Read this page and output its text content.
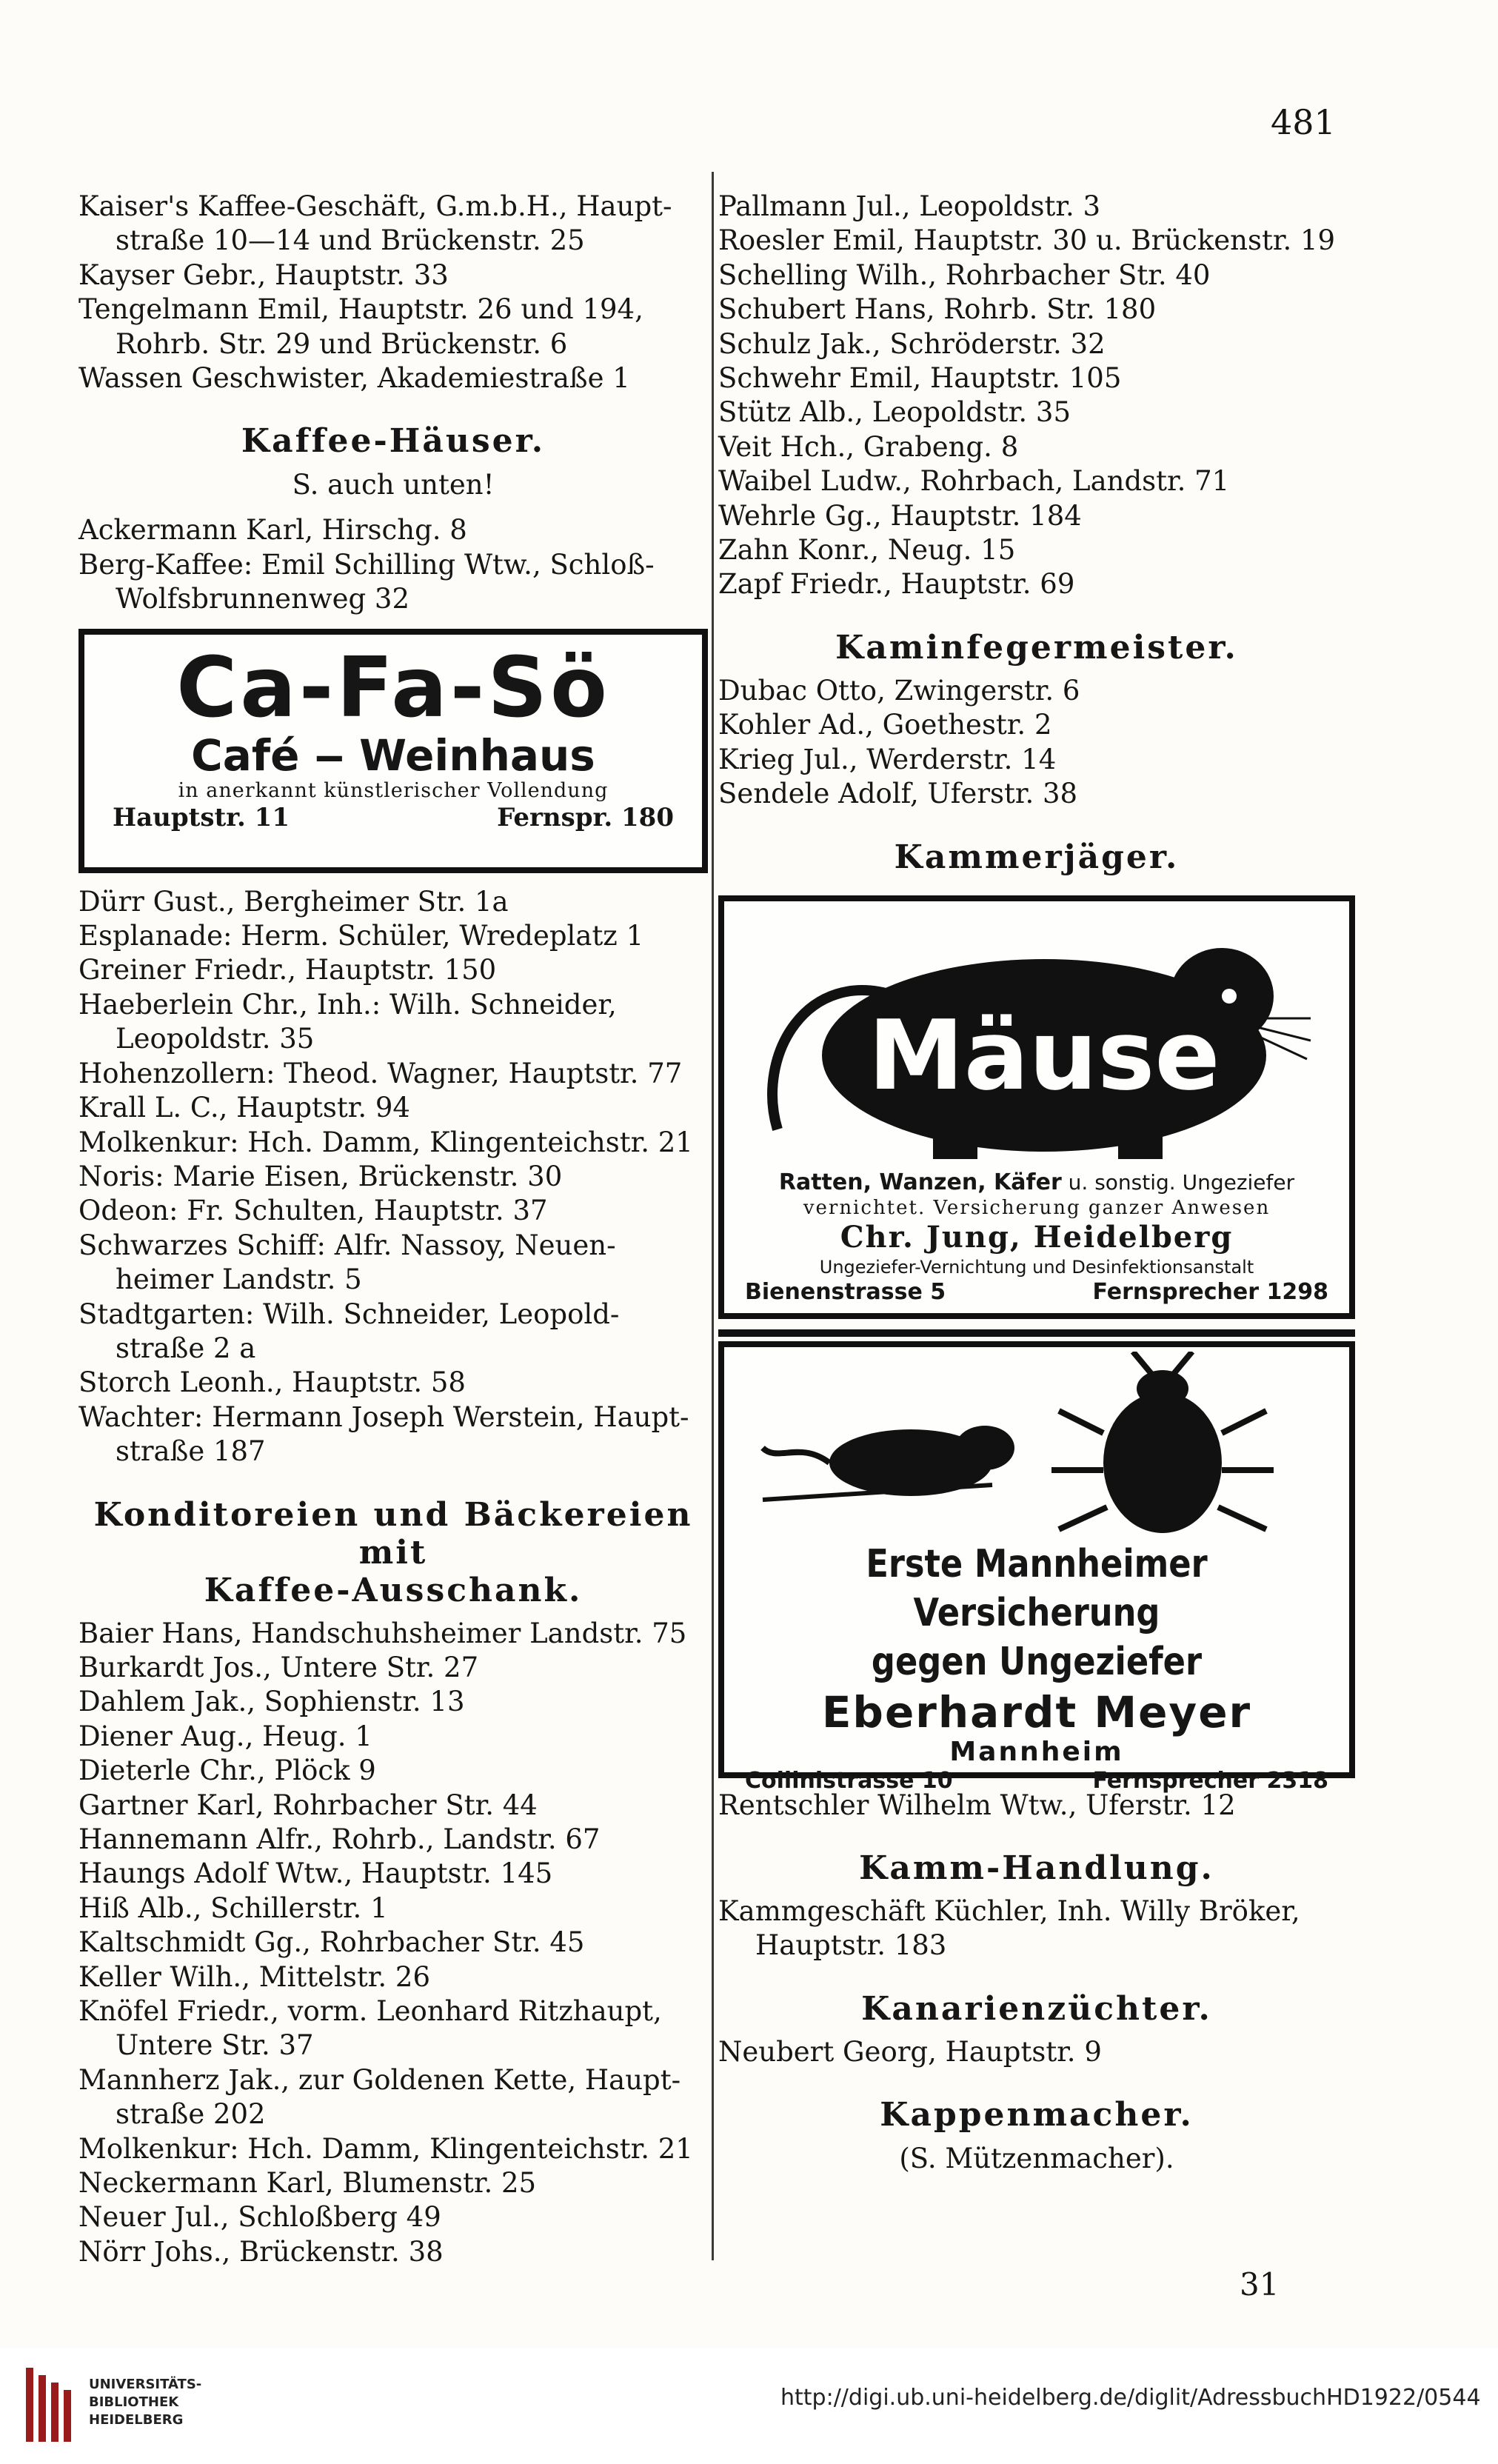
481
Kaiser's Kaffee-Geschäft, G.m.b.H., Haupt-
straße 10—14 und Brückenstr. 25
Kayser Gebr., Hauptstr. 33
Tengelmann Emil, Hauptstr. 26 und 194,
Rohrb. Str. 29 und Brückenstr. 6
Wassen Geschwister, Akademiestraße 1
Kaffee-Häuser.
S. auch unten!
Ackermann Karl, Hirschg. 8
Berg-Kaffee: Emil Schilling Wtw., Schloß-
Wolfsbrunnenweg 32
Ca-Fa-Sö
Café ‒ Weinhaus
in anerkannt künstlerischer Vollendung
Hauptstr. 11	Fernspr. 180
Dürr Gust., Bergheimer Str. 1a
Esplanade: Herm. Schüler, Wredeplatz 1
Greiner Friedr., Hauptstr. 150
Haeberlein Chr., Inh.: Wilh. Schneider,
Leopoldstr. 35
Hohenzollern: Theod. Wagner, Hauptstr. 77
Krall L. C., Hauptstr. 94
Molkenkur: Hch. Damm, Klingenteichstr. 21
Noris: Marie Eisen, Brückenstr. 30
Odeon: Fr. Schulten, Hauptstr. 37
Schwarzes Schiff: Alfr. Nassoy, Neuen-
heimer Landstr. 5
Stadtgarten: Wilh. Schneider, Leopold-
straße 2 a
Storch Leonh., Hauptstr. 58
Wachter: Hermann Joseph Werstein, Haupt-
straße 187
Konditoreien und Bäckereien mit
Kaffee-Ausschank.
Baier Hans, Handschuhsheimer Landstr. 75
Burkardt Jos., Untere Str. 27
Dahlem Jak., Sophienstr. 13
Diener Aug., Heug. 1
Dieterle Chr., Plöck 9
Gartner Karl, Rohrbacher Str. 44
Hannemann Alfr., Rohrb., Landstr. 67
Haungs Adolf Wtw., Hauptstr. 145
Hiß Alb., Schillerstr. 1
Kaltschmidt Gg., Rohrbacher Str. 45
Keller Wilh., Mittelstr. 26
Knöfel Friedr., vorm. Leonhard Ritzhaupt,
Untere Str. 37
Mannherz Jak., zur Goldenen Kette, Haupt-
straße 202
Molkenkur: Hch. Damm, Klingenteichstr. 21
Neckermann Karl, Blumenstr. 25
Neuer Jul., Schloßberg 49
Nörr Johs., Brückenstr. 38
Pallmann Jul., Leopoldstr. 3
Roesler Emil, Hauptstr. 30 u. Brückenstr. 19
Schelling Wilh., Rohrbacher Str. 40
Schubert Hans, Rohrb. Str. 180
Schulz Jak., Schröderstr. 32
Schwehr Emil, Hauptstr. 105
Stütz Alb., Leopoldstr. 35
Veit Hch., Grabeng. 8
Waibel Ludw., Rohrbach, Landstr. 71
Wehrle Gg., Hauptstr. 184
Zahn Konr., Neug. 15
Zapf Friedr., Hauptstr. 69
Kaminfegermeister.
Dubac Otto, Zwingerstr. 6
Kohler Ad., Goethestr. 2
Krieg Jul., Werderstr. 14
Sendele Adolf, Uferstr. 38
Kammerjäger.
Mäuse
Ratten, Wanzen, Käfer u. sonstig. Ungeziefer
vernichtet. Versicherung ganzer Anwesen
Chr. Jung, Heidelberg
Ungeziefer-Vernichtung und Desinfektionsanstalt
Bienenstrasse 5	Fernsprecher 1298
Erste Mannheimer Versicherung
gegen Ungeziefer
Eberhardt Meyer
Mannheim
Collinistrasse 10	Fernsprecher 2318
Rentschler Wilhelm Wtw., Uferstr. 12
Kamm-Handlung.
Kammgeschäft Küchler, Inh. Willy Bröker,
Hauptstr. 183
Kanarienzüchter.
Neubert Georg, Hauptstr. 9
Kappenmacher.
(S. Mützenmacher).
31
UNIVERSITÄTS-
BIBLIOTHEK
HEIDELBERG
http://digi.ub.uni-heidelberg.de/diglit/AdressbuchHD1922/0544
